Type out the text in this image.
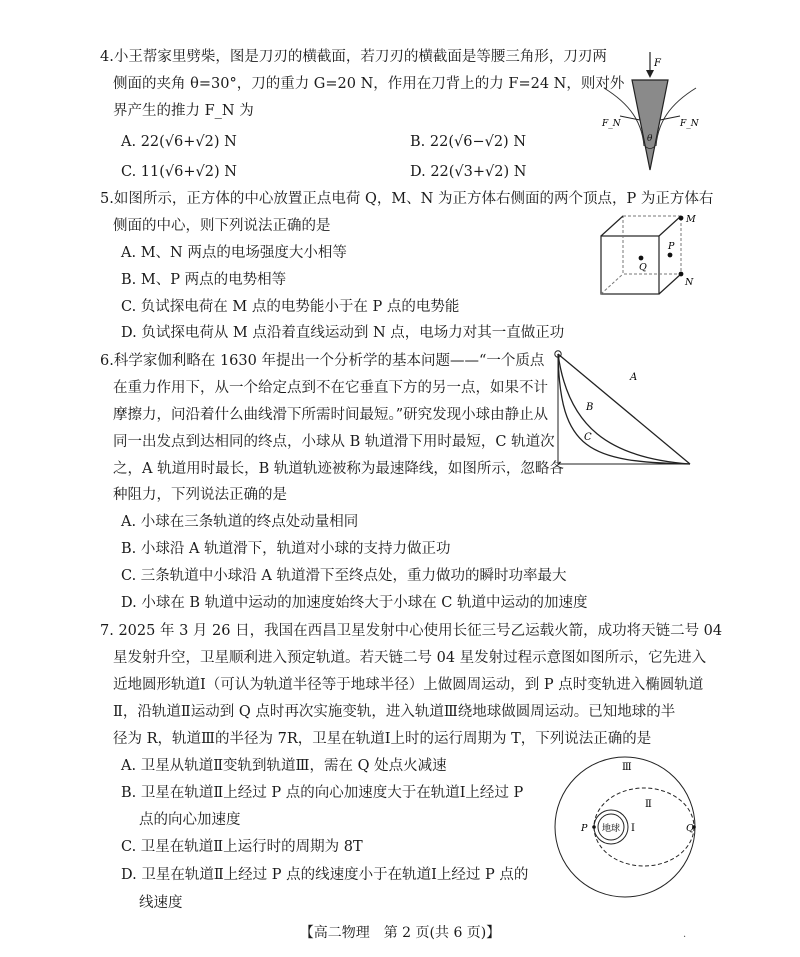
4.小王帮家里劈柴，图是刀刃的横截面，若刀刃的横截面是等腰三角形，刀刃两
侧面的夹角 θ=30°，刀的重力 G=20 N，作用在刀背上的力 F=24 N，则对外
界产生的推力 F_N 为
A. 22(√6+√2) N	B. 22(√6−√2) N
C. 11(√6+√2) N	D. 22(√3+√2) N
F
F_N	F_N
θ
5.如图所示，正方体的中心放置正点电荷 Q，M、N 为正方体右侧面的两个顶点，P 为正方体右
侧面的中心，则下列说法正确的是
A. M、N 两点的电场强度大小相等
B. M、P 两点的电势相等
C. 负试探电荷在 M 点的电势能小于在 P 点的电势能
D. 负试探电荷从 M 点沿着直线运动到 N 点，电场力对其一直做正功
Q
M
P
N
6.科学家伽利略在 1630 年提出一个分析学的基本问题——“一个质点
在重力作用下，从一个给定点到不在它垂直下方的另一点，如果不计
摩擦力，问沿着什么曲线滑下所需时间最短。”研究发现小球由静止从
同一出发点到达相同的终点，小球从 B 轨道滑下用时最短，C 轨道次
之，A 轨道用时最长，B 轨道轨迹被称为最速降线，如图所示，忽略各
种阻力，下列说法正确的是
A. 小球在三条轨道的终点处动量相同
B. 小球沿 A 轨道滑下，轨道对小球的支持力做正功
C. 三条轨道中小球沿 A 轨道滑下至终点处，重力做功的瞬时功率最大
D. 小球在 B 轨道中运动的加速度始终大于小球在 C 轨道中运动的加速度
A
B
C
7. 2025 年 3 月 26 日，我国在西昌卫星发射中心使用长征三号乙运载火箭，成功将天链二号 04
星发射升空，卫星顺利进入预定轨道。若天链二号 04 星发射过程示意图如图所示，它先进入
近地圆形轨道Ⅰ（可认为轨道半径等于地球半径）上做圆周运动，到 P 点时变轨进入椭圆轨道
Ⅱ，沿轨道Ⅱ运动到 Q 点时再次实施变轨，进入轨道Ⅲ绕地球做圆周运动。已知地球的半
径为 R，轨道Ⅲ的半径为 7R，卫星在轨道Ⅰ上时的运行周期为 T，下列说法正确的是
A. 卫星从轨道Ⅱ变轨到轨道Ⅲ，需在 Q 处点火减速
B. 卫星在轨道Ⅱ上经过 P 点的向心加速度大于在轨道Ⅰ上经过 P
点的向心加速度
C. 卫星在轨道Ⅱ上运行时的周期为 8T
D. 卫星在轨道Ⅱ上经过 P 点的线速度小于在轨道Ⅰ上经过 P 点的
线速度
Ⅲ
Ⅱ
Ⅰ
地球
P	Q
【高二物理　第 2 页(共 6 页)】	·
